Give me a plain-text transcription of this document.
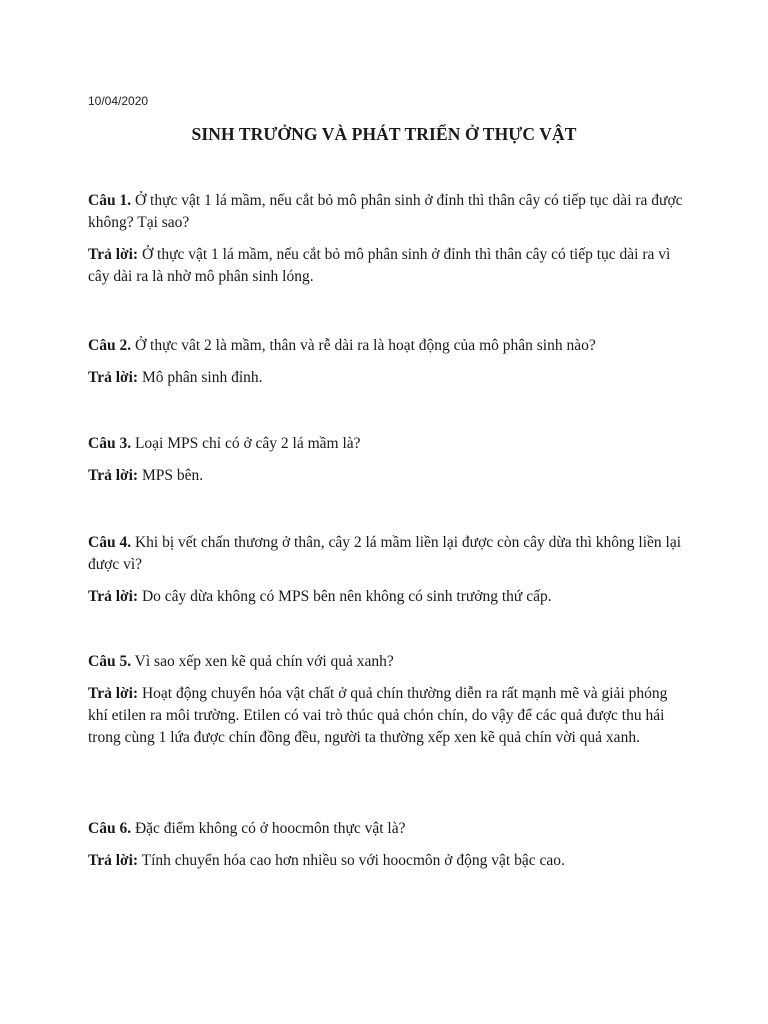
10/04/2020
SINH TRƯỞNG VÀ PHÁT TRIỂN Ở THỰC VẬT

Câu 1. Ở thực vật 1 lá mầm, nếu cắt bỏ mô phân sinh ở đỉnh thì thân cây có tiếp tục dài ra được không? Tại sao?

Trả lời: Ở thực vật 1 lá mầm, nếu cắt bỏ mô phân sinh ở đỉnh thì thân cây có tiếp tục dài ra vì cây dài ra là nhờ mô phân sinh lóng.

Câu 2. Ở thực vât 2 là mầm, thân và rễ dài ra là hoạt động của mô phân sinh nào?

Trả lời: Mô phân sinh đỉnh.

Câu 3. Loại MPS chỉ có ở cây 2 lá mầm là?

Trả lời: MPS bên.

Câu 4. Khi bị vết chấn thương ở thân, cây 2 lá mầm liền lại được còn cây dừa thì không liền lại được vì?

Trả lời: Do cây dừa không có MPS bên nên không có sinh trưởng thứ cấp.

Câu 5. Vì sao xếp xen kẽ quả chín với quả xanh?

Trả lời: Hoạt động chuyển hóa vật chất ở quả chín thường diễn ra rất mạnh mẽ và giải phóng khí etilen ra môi trường. Etilen có vai trò thúc quả chón chín, do vậy để các quả được thu hái trong cùng 1 lứa được chín đồng đều, người ta thường xếp xen kẽ quả chín vời quả xanh.

Câu 6. Đặc điểm không có ở hoocmôn thực vật là?

Trả lời: Tính chuyển hóa cao hơn nhiều so với hoocmôn ở động vật bậc cao.
